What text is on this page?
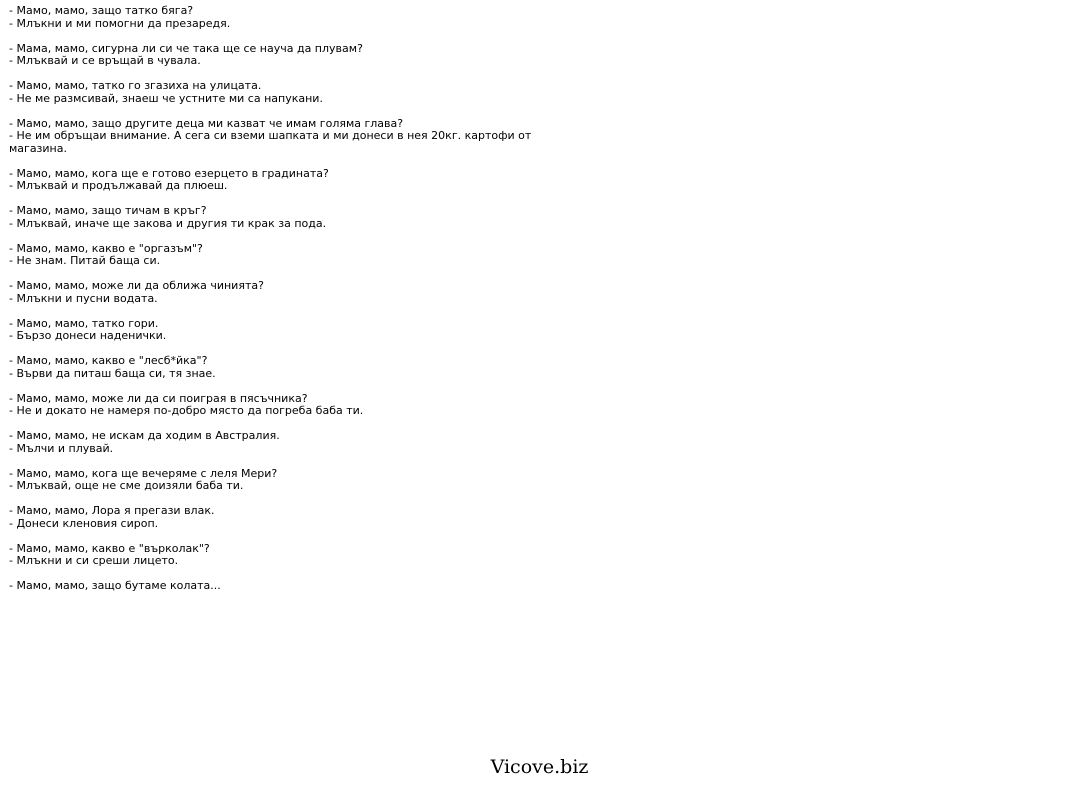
- Мамо, мамо, защо татко бяга?
- Млъкни и ми помогни да презаредя.
- Мама, мамо, сигурна ли си че така ще се науча да плувам?
- Млъквай и се връщай в чувала.
- Мамо, мамо, татко го згазиха на улицата.
- Не ме размсивай, знаеш че устните ми са напукани.
- Мамо, мамо, защо другите деца ми казват че имам голяма глава?
- Не им обръщаи внимание. А сега си вземи шапката и ми донеси в нея 20кг. картофи от магазина.
- Мамо, мамо, кога ще е готово езерцето в градината?
- Млъквай и продължавай да плюеш.
- Мамо, мамо, защо тичам в кръг?
- Млъквай, иначе ще закова и другия ти крак за пода.
- Мамо, мамо, какво е "оргазъм"?
- Не знам. Питай баща си.
- Мамо, мамо, може ли да оближа чинията?
- Млъкни и пусни водата.
- Мамо, мамо, татко гори.
- Бързо донеси наденички.
- Мамо, мамо, какво е "лесб*йка"?
- Върви да питаш баща си, тя знае.
- Мамо, мамо, може ли да си поиграя в пясъчника?
- Не и докато не намеря по-добро място да погреба баба ти.
- Мамо, мамо, не искам да ходим в Австралия.
- Мълчи и плувай.
- Мамо, мамо, кога ще вечеряме с леля Мери?
- Млъквай, още не сме доизяли баба ти.
- Мамо, мамо, Лора я прегази влак.
- Донеси кленовия сироп.
- Мамо, мамо, какво е "върколак"?
- Млъкни и си среши лицето.
- Мамо, мамо, защо бутаме колата...
Vicove.biz
